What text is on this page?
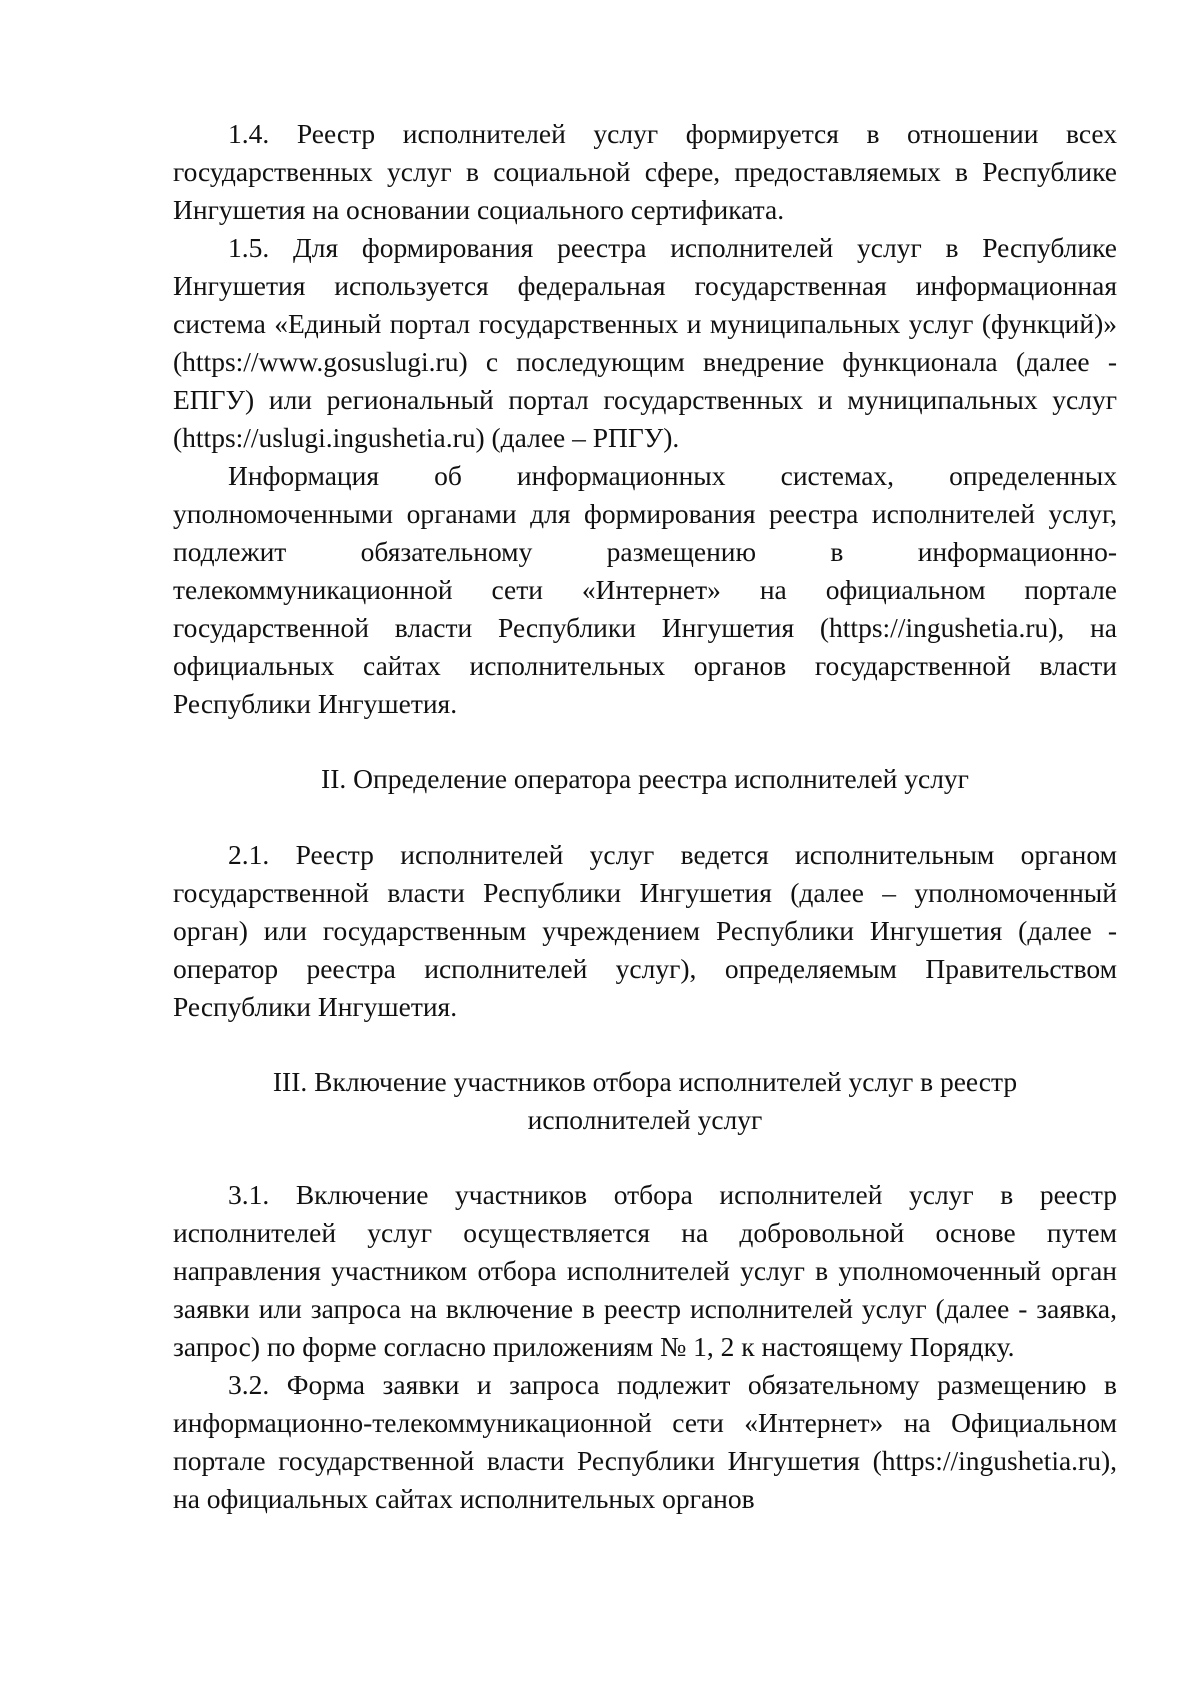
1.4. Реестр исполнителей услуг формируется в отношении всех государственных услуг в социальной сфере, предоставляемых в Республике Ингушетия на основании социального сертификата.

1.5. Для формирования реестра исполнителей услуг в Республике Ингушетия используется федеральная государственная информационная система «Единый портал государственных и муниципальных услуг (функций)» (https://www.gosuslugi.ru) с последующим внедрение функционала (далее - ЕПГУ) или региональный портал государственных и муниципальных услуг (https://uslugi.ingushetia.ru) (далее – РПГУ).

Информация об информационных системах, определенных уполномоченными органами для формирования реестра исполнителей услуг, подлежит обязательному размещению в информационно-телекоммуникационной сети «Интернет» на официальном портале государственной власти Республики Ингушетия (https://ingushetia.ru), на официальных сайтах исполнительных органов государственной власти Республики Ингушетия.

II. Определение оператора реестра исполнителей услуг

2.1. Реестр исполнителей услуг ведется исполнительным органом государственной власти Республики Ингушетия (далее – уполномоченный орган) или государственным учреждением Республики Ингушетия (далее - оператор реестра исполнителей услуг), определяемым Правительством Республики Ингушетия.

III. Включение участников отбора исполнителей услуг в реестр

исполнителей услуг

3.1. Включение участников отбора исполнителей услуг в реестр исполнителей услуг осуществляется на добровольной основе путем направления участником отбора исполнителей услуг в уполномоченный орган заявки или запроса на включение в реестр исполнителей услуг (далее - заявка, запрос) по форме согласно приложениям № 1, 2 к настоящему Порядку.

3.2. Форма заявки и запроса подлежит обязательному размещению в информационно-телекоммуникационной сети «Интернет» на Официальном портале государственной власти Республики Ингушетия (https://ingushetia.ru), на официальных сайтах исполнительных органов
